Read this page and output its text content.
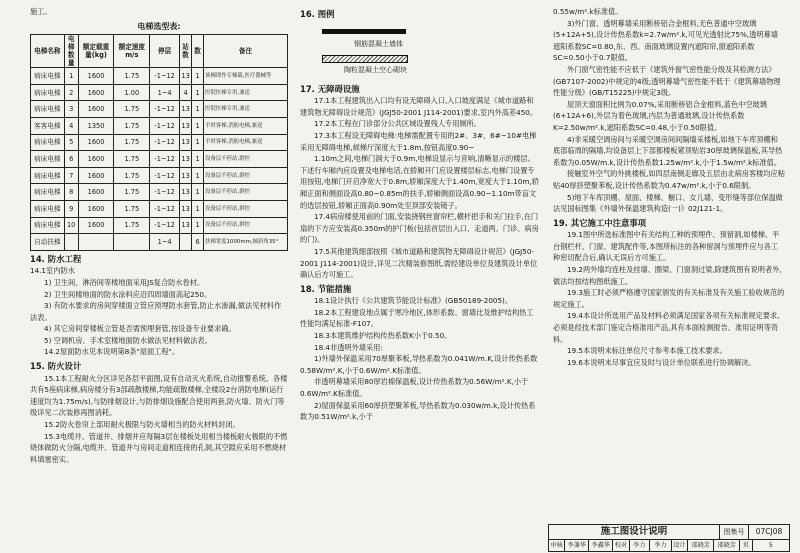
施工。

电梯选型表:

电梯名称	电梯数量	额定载重量(kg)	额定速度m/s	停层	站数	数	备注
病床电梯	1	1600	1.75	-1~12	13	1	该梯即作专梯载,医疗器械等
病床电梯	2	1600	1.00	1~4	4	1	医院医梯专用,兼送
病床电梯	3	1600	1.75	-1~12	13	1	医院医梯专用,兼送
客客电梯	4	1350	1.75	-1~12	13	1	平时客梯,消防电梯,兼送
病床电梯	5	1600	1.75	-1~12	13	1	平时客梯,消防电梯,兼送
病床电梯	6	1600	1.75	-1~12	13	1	设备层不停站,群控
病床电梯	7	1600	1.75	-1~12	13	1	设备层不停站,群控
病床电梯	8	1600	1.75	-1~12	13	1	设备层不停站,群控
病床电梯	9	1600	1.75	-1~12	13	1	设备层不停站,群控
病床电梯	10	1600	1.75	-1~12	13	1	设备层不停站,群控
自动扶梯				1~4		6	扶梯宽度1000mm,倾斜角35°

14. 防水工程

14.1室内防水

1) 卫生间、淋浴间等楼地面采用JS复合防水卷材。

2) 卫生间楼地面的防水涂料应沿四周墙面高起250。

3) 有防水要求的房间穿楼面立管应预埋防水套管,防止水渗漏,做法见材料作法表。

4) 其它房间穿楼板立管是否需预埋套管,按设备专业要求确。

5) 空调机房、手术室楼地面防水做法见材料做法表。

14.2屋面防水见本说明第8条"屋面工程"。

15. 防火设计

15.1本工程耐火分区详见各层平面图,设有自动灭火系统,自动报警系统。各楼共有5座病床梯,病房楼分有3部疏散楼梯,均能疏散楼梯,全楼设2台消防电梯(运行速度均为1.75m/s),与防排烟设计,与防排烟设施配合使用两套,防火墙、防火门等级详见二次装修再图消耗。

15.2防火卷帘上部用耐火极限与防火墙相当的防火材料封闭。

15.3电缆井、管道井、排烟井应每隔3层在楼板处用相当楼板耐火极限的不燃烧体做防火分隔,电缆井、管道井与房间走道相连接的孔洞,其空隙应采用不燃烧材料填塞密实。

16. 图例

钢筋混凝土墙体
陶粒混凝土空心砌块

17. 无障碍设施

17.1本工程建筑出入口均有设无障碍入口,入口坡度满足《城市道路和建筑物无障碍设计规范》(JGJ50-2001 J114-2001)要求,室内外高差450。

17.2本工程在门诊部分公共区域设置残人专用厕所。

17.3本工程设无障碍电梯:电梯需配置专用的2#、3#、6#~10#电梯采用无障碍电梯,候梯厅深度大于1.8m,按钮高度0.90~

1.10m之间,电梯门洞大于0.9m,电梯设显示与音响,清晰显示的楼层。下述行车厢内应设置及电梯电话,在轿厢开门应设置楼层标志,电梯门设置专用按钮,电梯门开启净宽大于0.8m,轿厢深度大于1.40m,宽度大于1.10m,轿厢正面和侧面设高0.80~0.85m的扶手,轿厢侧面设高0.90~1.10m带盲文的选层按钮,轿厢正面高0.90m处至顶部安装镜子。

17.4病房楼使用前的门面,安装挠钢丝窗帘栏,横杆把手和关门拉手,在门扇的下方应安装高0.350m的护门板(包括首层出入口、走道两、门诊、病房的门)。

17.5其他建筑细部按照《城市道路和建筑物无障碍设计规范》(JGJ50-2001 J114-2001)设计,详见二次精装修图纸,需经建设单位及建筑设计单位确认后方可施工。

18. 节能措施

18.1设计执行《公共建筑节能设计标准》(GB50189-2005)。

18.2本工程建设地点属于寒冷地区,体形系数、窗墙比及维护结构热工性能均满足标准-F107。

18.3本建筑维护结构传热系数K小于0.50。

18.4非透明外墙采用:

1)外墙外保温采用70厚聚苯板,导热系数为0.041W/m.K,设计传热系数0.58W/m².K,小于0.6W/m².K标准值。

非透明幕墙采用80厚岩棉保温板,设计传热系数为0.56W/m².K,小于0.6W/m².K标准值。

2)屋面保温采用60厚挤塑聚苯板,导热系数为0.030w/m.k,设计传热系数为0.51W/m².k,小于

0.55w/m².k标准值。

3)外门窗、透明幕墙采用断桥铝合金框料,无色普通中空玻璃(5+12A+5),设计传热系数k=2.7w/m².k,可见光透射比75%,透明幕墙遮阳系数SC=0.80,东、西、南面玻璃设置内遮阳帘,窗遮阳系数SC=0.50小于0.7限值。

外门窗气密性能不应低于《建筑外窗气密性能分级及其检测方法》(GB7107-2002)中规定的4级;透明幕墙气密性能不低于《建筑幕墙物理性能分级》(GB/T15225)中规定3级。

屋顶天窗面积比例为0.07%,采用断桥铝合金框料,蓝色中空玻璃(6+12A+6),外层为着色玻璃,内层为普通玻璃,设计传热系数K=2.50w/m².k,遮阳系数SC=0.48,小于0.50限值。

4)非采暖空调房间与采暖空调房间间隔墙采楼板,如地下车库顶棚和底部临周的隔墙,均设备层上下部都楼板紧顶贴岩30厚玻璃保温板,其导热系数为0.05W/m.k,设计传热系数1.25w/m².k,小于1.5w/m².k标准值。

接触室外空气的外挑楼板,如四层南侧走廊及五层由北病房客楼均应粘贴40厚挤塑聚苯板,设计传热系数为0.47w/m².k,小于0.6限制。

5)地下车库顶棚、屋面、楼梯、橱口、女儿墙、变形缝等部位保温做法见国标图集《外墙外保温建筑构造(一)》02J121-1。

19. 其它施工中注意事项

19.1图中所选标准图中有关结构工种的预埋件、预留洞,如楼梯、平台钢栏杆、门窗、建筑配件等,本图所标注的各种留洞与预埋件应与各工种密切配合后,确认无误后方可施工。

19.2两外墙均连柱及挂墙、圈梁、门窗洞过梁,除建筑图有说明者外,做法均按结构图纸施工。

19.3施工时必须严格遵守国家颁发的有关标准及有关施工验收规范的规定施工。

19.4本设计所选用产品及材料必须满足国家各项有关标准规定要求,必须是经技术部门鉴定合格准用产品,具有本面检测报告、准用证明等资料。

19.5本说明未标注单位尺寸参考本施工技术要求。

19.6本说明未尽事宜应及时与设计单位联系进行协调解决。

施工图设计说明	图集号	07CJ08
审核 李兼华 李鑫华 校对 李力	李力	设计 邵晓芳	邵晓芳	页	5
